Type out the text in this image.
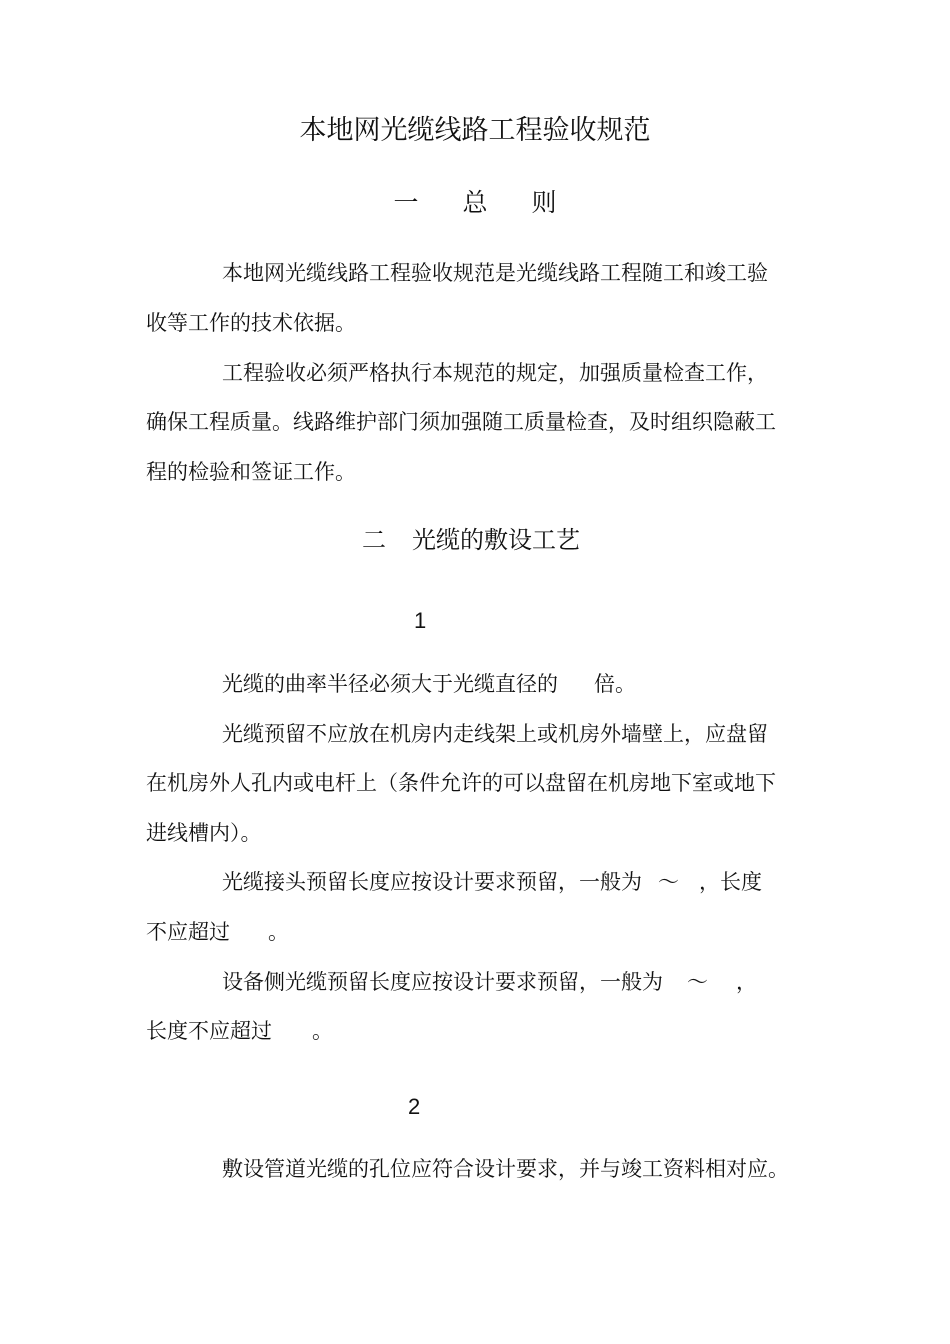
本地网光缆线路工程验收规范
一 总 则
本地网光缆线路工程验收规范是光缆线路工程随工和竣工验
收等工作的技术依据。
工程验收必须严格执行本规范的规定，加强质量检查工作，
确保工程质量。线路维护部门须加强随工质量检查，及时组织隐蔽工
程的检验和签证工作。
二 光缆的敷设工艺
1
光缆的曲率半径必须大于光缆直径的 倍。
光缆预留不应放在机房内走线架上或机房外墙壁上，应盘留
在机房外人孔内或电杆上（条件允许的可以盘留在机房地下室或地下
进线槽内）。
光缆接头预留长度应按设计要求预留，一般为 ～ ，长度
不应超过 。
设备侧光缆预留长度应按设计要求预留，一般为 ～ ，
长度不应超过 。
2
敷设管道光缆的孔位应符合设计要求，并与竣工资料相对应。
